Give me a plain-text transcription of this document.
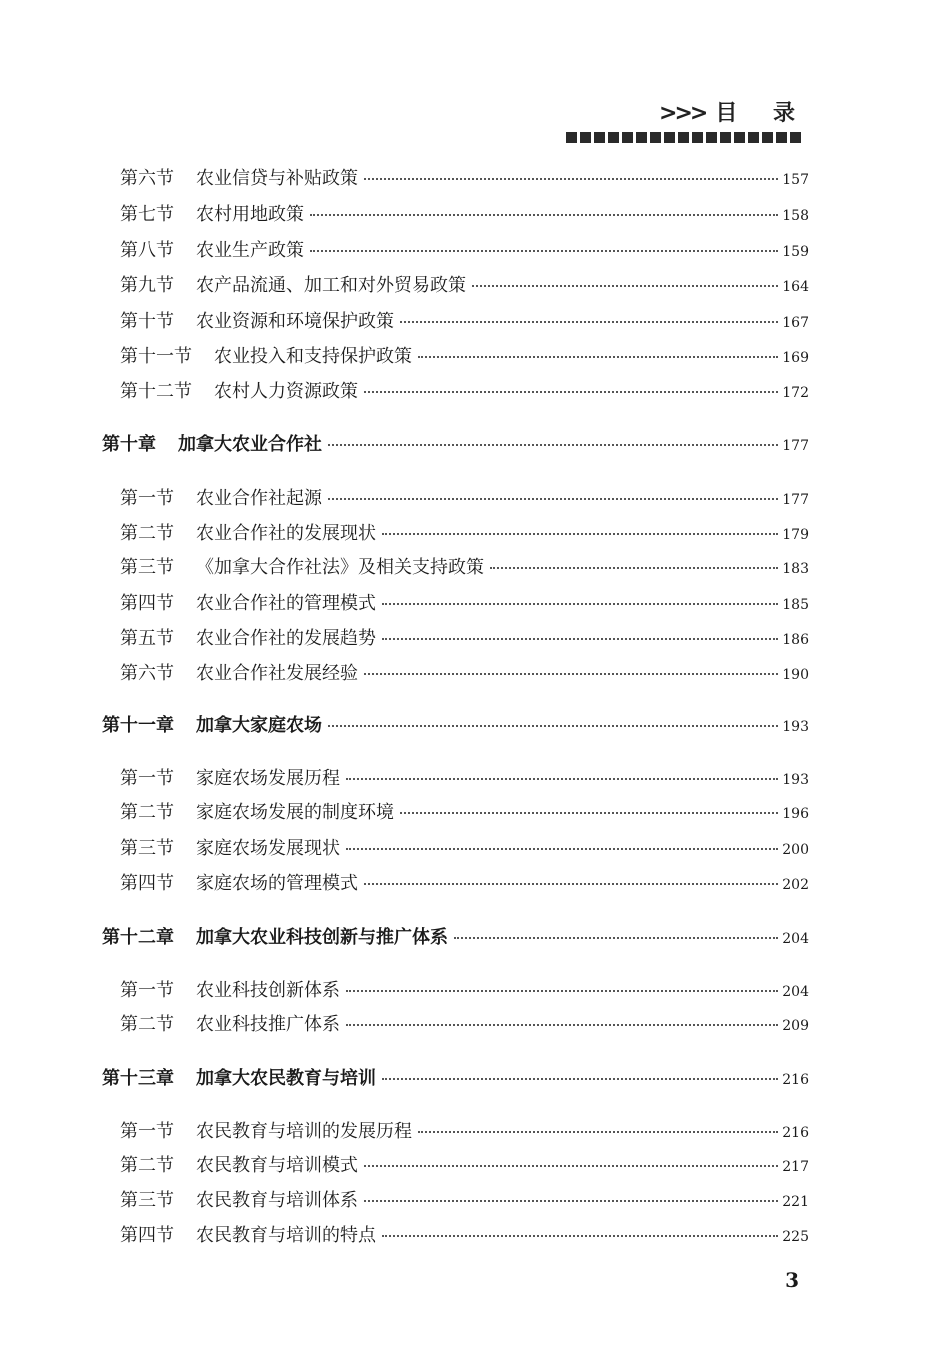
>>> 目 录
第六节 农业信贷与补贴政策	157
第七节 农村用地政策	158
第八节 农业生产政策	159
第九节 农产品流通、加工和对外贸易政策	164
第十节 农业资源和环境保护政策	167
第十一节 农业投入和支持保护政策	169
第十二节 农村人力资源政策	172
第十章 加拿大农业合作社	177
第一节 农业合作社起源	177
第二节 农业合作社的发展现状	179
第三节 《加拿大合作社法》及相关支持政策	183
第四节 农业合作社的管理模式	185
第五节 农业合作社的发展趋势	186
第六节 农业合作社发展经验	190
第十一章 加拿大家庭农场	193
第一节 家庭农场发展历程	193
第二节 家庭农场发展的制度环境	196
第三节 家庭农场发展现状	200
第四节 家庭农场的管理模式	202
第十二章 加拿大农业科技创新与推广体系	204
第一节 农业科技创新体系	204
第二节 农业科技推广体系	209
第十三章 加拿大农民教育与培训	216
第一节 农民教育与培训的发展历程	216
第二节 农民教育与培训模式	217
第三节 农民教育与培训体系	221
第四节 农民教育与培训的特点	225
3
